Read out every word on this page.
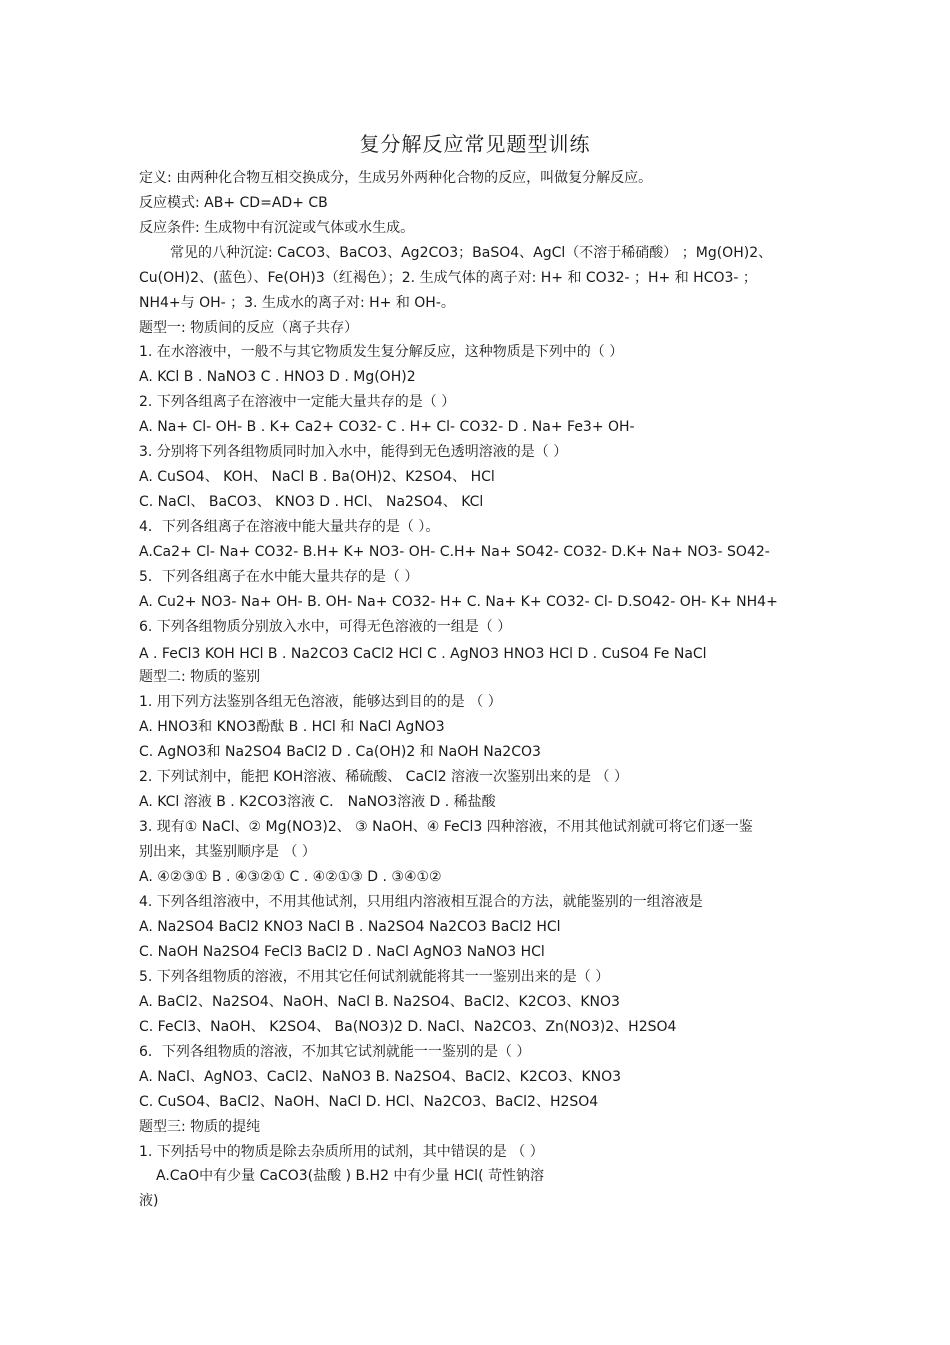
复分解反应常见题型训练
定义: 由两种化合物互相交换成分，生成另外两种化合物的反应，叫做复分解反应。
反应模式: AB+ CD=AD+ CB
反应条件: 生成物中有沉淀或气体或水生成。
常见的八种沉淀: CaCO3、BaCO3、Ag2CO3；BaSO4、AgCl（不溶于稀硝酸） ；Mg(OH)2、
Cu(OH)2、(蓝色）、Fe(OH)3（红褐色）；2. 生成气体的离子对: H+ 和 CO32- ；H+ 和 HCO3- ；
NH4+与 OH- ；3. 生成水的离子对: H+ 和 OH-。
题型一: 物质间的反应（离子共存）
1. 在水溶液中，一般不与其它物质发生复分解反应，这种物质是下列中的（ ）
A. KCl B . NaNO3 C . HNO3 D . Mg(OH)2
2. 下列各组离子在溶液中一定能大量共存的是（ ）
A. Na+ Cl- OH- B . K+ Ca2+ CO32- C . H+ Cl- CO32- D . Na+ Fe3+ OH-
3. 分别将下列各组物质同时加入水中，能得到无色透明溶液的是（ ）
A. CuSO4、 KOH、 NaCl B . Ba(OH)2、K2SO4、 HCl
C. NaCl、 BaCO3、 KNO3 D . HCl、 Na2SO4、 KCl
4．下列各组离子在溶液中能大量共存的是（ ）。
A.Ca2+ Cl- Na+ CO32- B.H+ K+ NO3- OH- C.H+ Na+ SO42- CO32- D.K+ Na+ NO3- SO42-
5．下列各组离子在水中能大量共存的是（ ）
A. Cu2+ NO3- Na+ OH- B. OH- Na+ CO32- H+ C. Na+ K+ CO32- Cl- D.SO42- OH- K+ NH4+
6. 下列各组物质分别放入水中，可得无色溶液的一组是（ ）
A . FeCl3 KOH HCl B . Na2CO3 CaCl2 HCl C . AgNO3 HNO3 HCl D . CuSO4 Fe NaCl
题型二: 物质的鉴别
1. 用下列方法鉴别各组无色溶液，能够达到目的的是 （ ）
A. HNO3和 KNO3酚酞 B . HCl 和 NaCl AgNO3
C. AgNO3和 Na2SO4 BaCl2 D . Ca(OH)2 和 NaOH Na2CO3
2. 下列试剂中，能把 KOH溶液、稀硫酸、 CaCl2 溶液一次鉴别出来的是 （ ）
A. KCl 溶液 B . K2CO3溶液 C． NaNO3溶液 D . 稀盐酸
3. 现有① NaCl、② Mg(NO3)2、 ③ NaOH、④ FeCl3 四种溶液，不用其他试剂就可将它们逐一鉴
别出来，其鉴别顺序是 （ ）
A. ④②③① B . ④③②① C . ④②①③ D . ③④①②
4. 下列各组溶液中，不用其他试剂，只用组内溶液相互混合的方法，就能鉴别的一组溶液是
A. Na2SO4 BaCl2 KNO3 NaCl B . Na2SO4 Na2CO3 BaCl2 HCl
C. NaOH Na2SO4 FeCl3 BaCl2 D . NaCl AgNO3 NaNO3 HCl
5. 下列各组物质的溶液，不用其它任何试剂就能将其一一鉴别出来的是（ ）
A. BaCl2、Na2SO4、NaOH、NaCl B. Na2SO4、BaCl2、K2CO3、KNO3
C. FeCl3、NaOH、 K2SO4、 Ba(NO3)2 D. NaCl、Na2CO3、Zn(NO3)2、H2SO4
6．下列各组物质的溶液，不加其它试剂就能一一鉴别的是（ ）
A. NaCl、AgNO3、CaCl2、NaNO3 B. Na2SO4、BaCl2、K2CO3、KNO3
C. CuSO4、BaCl2、NaOH、NaCl D. HCl、Na2CO3、BaCl2、H2SO4
题型三: 物质的提纯
1. 下列括号中的物质是除去杂质所用的试剂，其中错误的是 （ ）
A.CaO中有少量 CaCO3(盐酸 ) B.H2 中有少量 HCl( 苛性钠溶
液)
